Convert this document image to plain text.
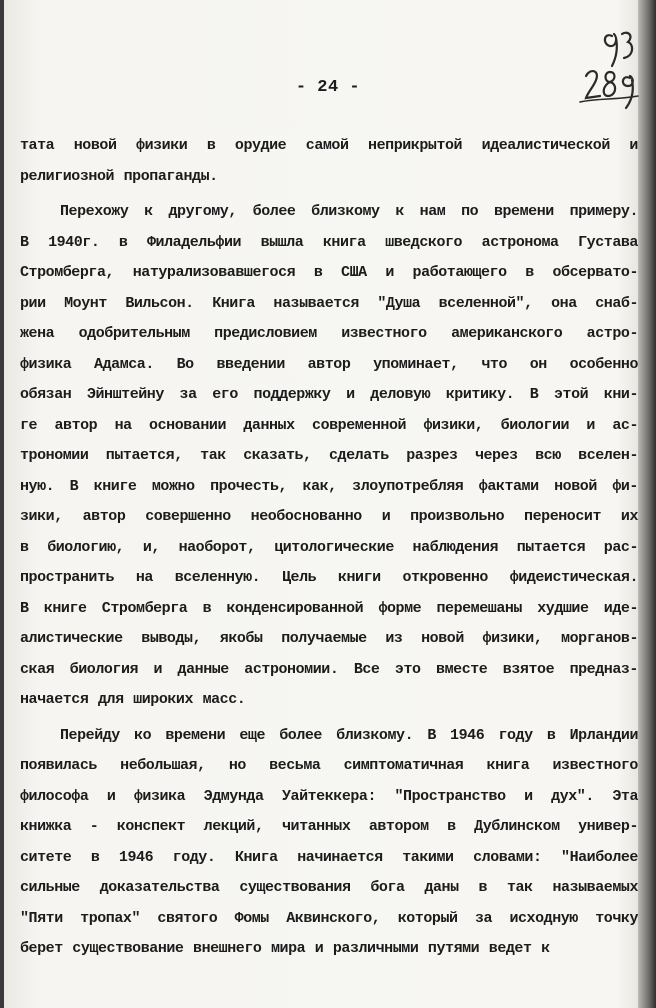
- 24 -
тата новой физики в орудие самой неприкрытой идеалистической и
религиозной пропаганды.
Перехожу к другому, более близкому к нам по времени примеру.
В 1940г. в Филадельфии вышла книга шведского астронома Густава
Стромберга, натурализовавшегося в США и работающего в обсервато-
рии Моунт Вильсон. Книга называется "Душа вселенной", она снаб-
жена одобрительным предисловием известного американского астро-
физика Адамса. Во введении автор упоминает, что он особенно
обязан Эйнштейну за его поддержку и деловую критику. В этой кни-
ге автор на основании данных современной физики, биологии и ас-
трономии пытается, так сказать, сделать разрез через всю вселен-
ную. В книге можно прочесть, как, злоупотребляя фактами новой фи-
зики, автор совершенно необоснованно и произвольно переносит их
в биологию, и, наоборот, цитологические наблюдения пытается рас-
пространить на вселенную. Цель книги откровенно фидеистическая.
В книге Стромберга в конденсированной форме перемешаны худшие иде-
алистические выводы, якобы получаемые из новой физики, морганов-
ская биология и данные астрономии. Все это вместе взятое предназ-
начается для широких масс.
Перейду ко времени еще более близкому. В 1946 году в Ирландии
появилась небольшая, но весьма симптоматичная книга известного
философа и физика Эдмунда Уайтеккера: "Пространство и дух". Эта
книжка - конспект лекций, читанных автором в Дублинском универ-
ситете в 1946 году. Книга начинается такими словами: "Наиболее
сильные доказательства существования бога даны в так называемых
"Пяти тропах" святого Фомы Аквинского, который за исходную точку
берет существование внешнего мира и различными путями ведет к
